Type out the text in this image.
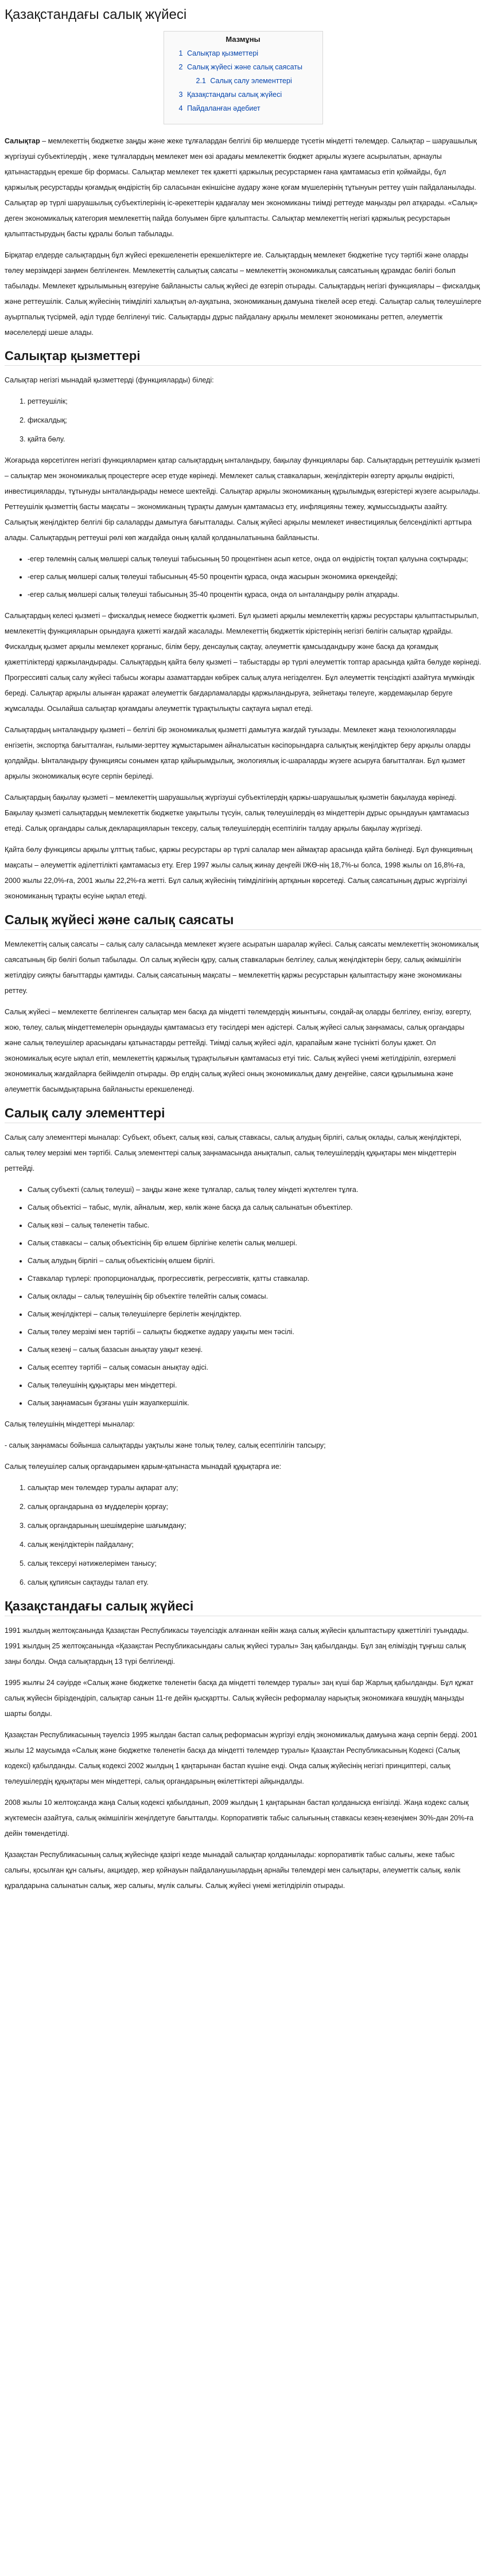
Қазақстандағы салық жүйесі
Мазмұны
1 Салықтар қызметтері
2 Салық жүйесі және салық саясаты
2.1 Салық салу элементтері
3 Қазақстандағы салық жүйесі
4 Пайдаланған әдебиет

Салықтар – мемлекеттің бюджетке заңды және жеке тұлғалардан белгілі бір мөлшерде түсетін міндетті төлемдер. Салықтар – шаруашылық жүргізуші субъектілердің , жеке тұлғалардың мемлекет мен өзі арадағы мемлекеттік бюджет арқылы жүзеге асырылатын, арнаулы қатынастардың ерекше бір формасы. Салықтар мемлекет тек қажетті қаржылық ресурстармен ғана қамтамасыз етіп қоймайды, бұл қаржылық ресурстарды қоғамдық өндірістің бір саласынан екіншісіне аудару және қоғам мүшелерінің тұтынуын реттеу үшін пайдаланылады. Салықтар әр түрлі шаруашылық субъектілерінің іс-әрекеттерін қадағалау мен экономиканы тиімді реттеуде маңызды рөл атқарады. «Салық» деген экономикалық категория мемлекеттің пайда болуымен бірге қалыптасты. Салықтар мемлекеттің негізгі қаржылық ресурстарын қалыптастырудың басты құралы болып табылады.

Бірқатар елдерде салықтардың бұл жүйесі ерекшеленетін ерекшеліктерге ие. Салықтардың мемлекет бюджетіне түсу тәртібі және оларды төлеу мерзімдері заңмен белгіленген. Мемлекеттің салықтық саясаты – мемлекеттің экономикалық саясатының құрамдас бөлігі болып табылады. Мемлекет құрылымының өзгеруіне байланысты салық жүйесі де өзгеріп отырады. Салықтардың негізгі функциялары – фискалдық және реттеушілік. Салық жүйесінің тиімділігі халықтың әл-ауқатына, экономиканың дамуына тікелей әсер етеді. Салықтар салық төлеушілерге ауыртпалық түсірмей, әділ түрде белгіленуі тиіс. Салықтарды дұрыс пайдалану арқылы мемлекет экономиканы реттеп, әлеуметтік мәселелерді шеше алады.

Салықтар қызметтері

Салықтар негізгі мынадай қызметтерді (функцияларды) біледі:

1. реттеушілік;
2. фискалдық;
3. қайта бөлу.

Жоғарыда көрсетілген негізгі функциялармен қатар салықтардың ынталандыру, бақылау функциялары бар. Салықтардың реттеушілік қызметі – салықтар мен экономикалық процестерге әсер етуде көрінеді. Мемлекет салық ставкаларын, жеңілдіктерін өзгерту арқылы өндірісті, инвестицияларды, тұтынуды ынталандырады немесе шектейді. Салықтар арқылы экономиканың құрылымдық өзгерістері жүзеге асырылады. Реттеушілік қызметтің басты мақсаты – экономиканың тұрақты дамуын қамтамасыз ету, инфляцияны тежеу, жұмыссыздықты азайту. Салықтық жеңілдіктер белгілі бір салаларды дамытуға бағытталады. Салық жүйесі арқылы мемлекет инвестициялық белсенділікті арттыра алады. Салықтардың реттеуші рөлі көп жағдайда оның қалай қолданылатынына байланысты.

• -егер төлемнің салық мөлшері салық төлеуші табысының 50 процентінен асып кетсе, онда ол өндірістің тоқтап қалуына соқтырады;
• -егер салық мөлшері салық төлеуші табысының 45-50 процентін құраса, онда жасырын экономика өркендейді;
• -егер салық мөлшері салық төлеуші табысының 35-40 процентін құраса, онда ол ынталандыру рөлін атқарады.

Салықтардың келесі қызметі – фискалдық немесе бюджеттік қызметі. Бұл қызметі арқылы мемлекеттің қаржы ресурстары қалыптастырылып, мемлекеттің функцияларын орындауға қажетті жағдай жасалады. Мемлекеттің бюджеттік кірістерінің негізгі бөлігін салықтар құрайды. Фискалдық қызмет арқылы мемлекет қорғаныс, білім беру, денсаулық сақтау, әлеуметтік қамсыздандыру және басқа да қоғамдық қажеттіліктерді қаржыландырады. Салықтардың қайта бөлу қызметі – табыстарды әр түрлі әлеуметтік топтар арасында қайта бөлуде көрінеді. Прогрессивті салық салу жүйесі табысы жоғары азаматтардан көбірек салық алуға негізделген. Бұл әлеуметтік теңсіздікті азайтуға мүмкіндік береді. Салықтар арқылы алынған қаражат әлеуметтік бағдарламаларды қаржыландыруға, зейнетақы төлеуге, жәрдемақылар беруге жұмсалады. Осылайша салықтар қоғамдағы әлеуметтік тұрақтылықты сақтауға ықпал етеді.

Салықтардың ынталандыру қызметі – белгілі бір экономикалық қызметті дамытуға жағдай туғызады. Мемлекет жаңа технологияларды енгізетін, экспортқа бағытталған, ғылыми-зерттеу жұмыстарымен айналысатын кәсіпорындарға салықтық жеңілдіктер беру арқылы оларды қолдайды. Ынталандыру функциясы сонымен қатар қайырымдылық, экологиялық іс-шараларды жүзеге асыруға бағытталған. Бұл қызмет арқылы экономикалық өсуге серпін беріледі.

Салықтардың бақылау қызметі – мемлекеттің шаруашылық жүргізуші субъектілердің қаржы-шаруашылық қызметін бақылауда көрінеді. Бақылау қызметі салықтардың мемлекеттік бюджетке уақытылы түсуін, салық төлеушілердің өз міндеттерін дұрыс орындауын қамтамасыз етеді. Салық органдары салық декларацияларын тексеру, салық төлеушілердің есептілігін талдау арқылы бақылау жүргізеді.

Қайта бөлу функциясы арқылы ұлттық табыс, қаржы ресурстары әр түрлі салалар мен аймақтар арасында қайта бөлінеді. Бұл функцияның мақсаты – әлеуметтік әділеттілікті қамтамасыз ету. Егер 1997 жылы салық жинау деңгейі ІЖӨ-нің 18,7%-ы болса, 1998 жылы ол 16,8%-ға, 2000 жылы 22,0%-ға, 2001 жылы 22,2%-ға жетті. Бұл салық жүйесінің тиімділігінің артқанын көрсетеді. Салық саясатының дұрыс жүргізілуі экономиканың тұрақты өсуіне ықпал етеді.

Салық жүйесі және салық саясаты

Мемлекеттің салық саясаты – салық салу саласында мемлекет жүзеге асыратын шаралар жүйесі. Салық саясаты мемлекеттің экономикалық саясатының бір бөлігі болып табылады. Ол салық жүйесін құру, салық ставкаларын белгілеу, салық жеңілдіктерін беру, салық әкімшілігін жетілдіру сияқты бағыттарды қамтиды. Салық саясатының мақсаты – мемлекеттің қаржы ресурстарын қалыптастыру және экономиканы реттеу.

Салық жүйесі – мемлекетте белгіленген салықтар мен басқа да міндетті төлемдердің жиынтығы, сондай-ақ оларды белгілеу, енгізу, өзгерту, жою, төлеу, салық міндеттемелерін орындауды қамтамасыз ету тәсілдері мен әдістері. Салық жүйесі салық заңнамасы, салық органдары және салық төлеушілер арасындағы қатынастарды реттейді. Тиімді салық жүйесі әділ, қарапайым және түсінікті болуы қажет. Ол экономикалық өсуге ықпал етіп, мемлекеттің қаржылық тұрақтылығын қамтамасыз етуі тиіс. Салық жүйесі үнемі жетілдіріліп, өзгермелі экономикалық жағдайларға бейімделіп отырады. Әр елдің салық жүйесі оның экономикалық даму деңгейіне, саяси құрылымына және әлеуметтік басымдықтарына байланысты ерекшеленеді.

Салық салу элементтері

Салық салу элементтері мыналар: Субъект, объект, салық көзі, салық ставкасы, салық алудың бірлігі, салық оклады, салық жеңілдіктері, салық төлеу мерзімі мен тәртібі. Салық элементтері салық заңнамасында анықталып, салық төлеушілердің құқықтары мен міндеттерін реттейді.

• Салық субъекті (салық төлеуші) – заңды және жеке тұлғалар, салық төлеу міндеті жүктелген тұлға.
• Салық объектісі – табыс, мүлік, айналым, жер, көлік және басқа да салық салынатын объектілер.
• Салық көзі – салық төленетін табыс.
• Салық ставкасы – салық объектісінің бір өлшем бірлігіне келетін салық мөлшері.
• Салық алудың бірлігі – салық объектісінің өлшем бірлігі.
• Ставкалар түрлері: пропорционалдық, прогрессивтік, регрессивтік, қатты ставкалар.
• Салық оклады – салық төлеушінің бір объектіге төлейтін салық сомасы.
• Салық жеңілдіктері – салық төлеушілерге берілетін жеңілдіктер.
• Салық төлеу мерзімі мен тәртібі – салықты бюджетке аудару уақыты мен тәсілі.
• Салық кезеңі – салық базасын анықтау уақыт кезеңі.
• Салық есептеу тәртібі – салық сомасын анықтау әдісі.
• Салық төлеушінің құқықтары мен міндеттері.
• Салық заңнамасын бұзғаны үшін жауапкершілік.

Салық төлеушінің міндеттері мыналар:

- салық заңнамасы бойынша салықтарды уақтылы және толық төлеу, салық есептілігін тапсыру;

Салық төлеушілер салық органдарымен қарым-қатынаста мынадай құқықтарға ие:

1. салықтар мен төлемдер туралы ақпарат алу;
2. салық органдарына өз мүдделерін қорғау;
3. салық органдарының шешімдеріне шағымдану;
4. салық жеңілдіктерін пайдалану;
5. салық тексеруі нәтижелерімен танысу;
6. салық құпиясын сақтауды талап ету.
Қазақстандағы салық жүйесі

1991 жылдың желтоқсанында Қазақстан Республикасы тәуелсіздік алғаннан кейін жаңа салық жүйесін қалыптастыру қажеттілігі туындады. 1991 жылдың 25 желтоқсанында «Қазақстан Республикасындағы салық жүйесі туралы» Заң қабылданды. Бұл заң еліміздің тұңғыш салық заңы болды. Онда салықтардың 13 түрі белгіленді.

1995 жылғы 24 сәуірде «Салық және бюджетке төленетін басқа да міндетті төлемдер туралы» заң күші бар Жарлық қабылданды. Бұл құжат салық жүйесін біріздендіріп, салықтар санын 11-ге дейін қысқартты. Салық жүйесін реформалау нарықтық экономикаға көшудің маңызды шарты болды.

Қазақстан Республикасының тәуелсіз 1995 жылдан бастап салық реформасын жүргізуі елдің экономикалық дамуына жаңа серпін берді. 2001 жылы 12 маусымда «Салық және бюджетке төленетін басқа да міндетті төлемдер туралы» Қазақстан Республикасының Кодексі (Салық кодексі) қабылданды. Салық кодексі 2002 жылдың 1 қаңтарынан бастап күшіне енді. Онда салық жүйесінің негізгі принциптері, салық төлеушілердің құқықтары мен міндеттері, салық органдарының өкілеттіктері айқындалды.

2008 жылы 10 желтоқсанда жаңа Салық кодексі қабылданып, 2009 жылдың 1 қаңтарынан бастап қолданысқа енгізілді. Жаңа кодекс салық жүктемесін азайтуға, салық әкімшілігін жеңілдетуге бағытталды. Корпоративтік табыс салығының ставкасы кезең-кезеңімен 30%-дан 20%-ға дейін төмендетілді.

Қазақстан Республикасының салық жүйесінде қазіргі кезде мынадай салықтар қолданылады: корпоративтік табыс салығы, жеке табыс салығы, қосылған құн салығы, акциздер, жер қойнауын пайдаланушылардың арнайы төлемдері мен салықтары, әлеуметтік салық, көлік құралдарына салынатын салық, жер салығы, мүлік салығы. Салық жүйесі үнемі жетілдіріліп отырады.
